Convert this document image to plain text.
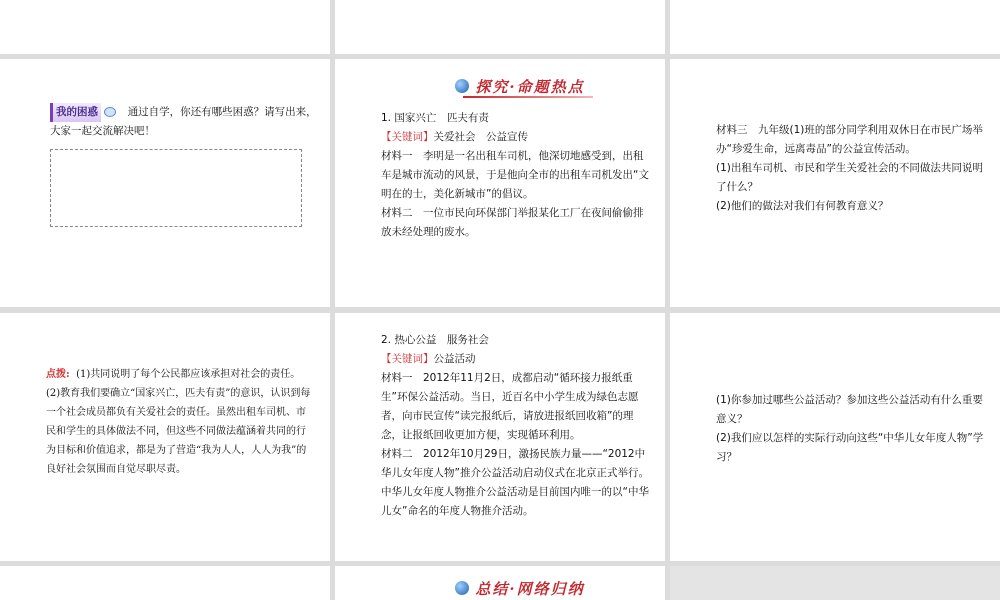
我的困惑	通过自学，你还有哪些困惑？请写出来，大家一起交流解决吧！
探究·命题热点

1. 国家兴亡　匹夫有责

【关键词】关爱社会　公益宣传

材料一　李明是一名出租车司机，他深切地感受到，出租车是城市流动的风景，于是他向全市的出租车司机发出“文明在的士，美化新城市”的倡议。

材料二　一位市民向环保部门举报某化工厂在夜间偷偷排放未经处理的废水。

材料三　九年级(1)班的部分同学利用双休日在市民广场举办“珍爱生命，远离毒品”的公益宣传活动。

(1)出租车司机、市民和学生关爱社会的不同做法共同说明了什么？

(2)他们的做法对我们有何教育意义？

点拨: (1)共同说明了每个公民都应该承担对社会的责任。

(2)教育我们要确立“国家兴亡，匹夫有责”的意识，认识到每一个社会成员都负有关爱社会的责任。虽然出租车司机、市民和学生的具体做法不同，但这些不同做法蕴涵着共同的行为目标和价值追求，都是为了营造“我为人人，人人为我”的良好社会氛围而自觉尽职尽责。

2. 热心公益　服务社会

【关键词】公益活动

材料一　2012年11月2日，成都启动“循环接力报纸重生”环保公益活动。当日，近百名中小学生成为绿色志愿者，向市民宣传“读完报纸后，请放进报纸回收箱”的理念，让报纸回收更加方便，实现循环利用。

材料二　2012年10月29日，激扬民族力量——“2012中华儿女年度人物”推介公益活动启动仪式在北京正式举行。中华儿女年度人物推介公益活动是目前国内唯一的以“中华儿女”命名的年度人物推介活动。

(1)你参加过哪些公益活动？参加这些公益活动有什么重要意义？

(2)我们应以怎样的实际行动向这些“中华儿女年度人物”学习？

总结·网络归纳
